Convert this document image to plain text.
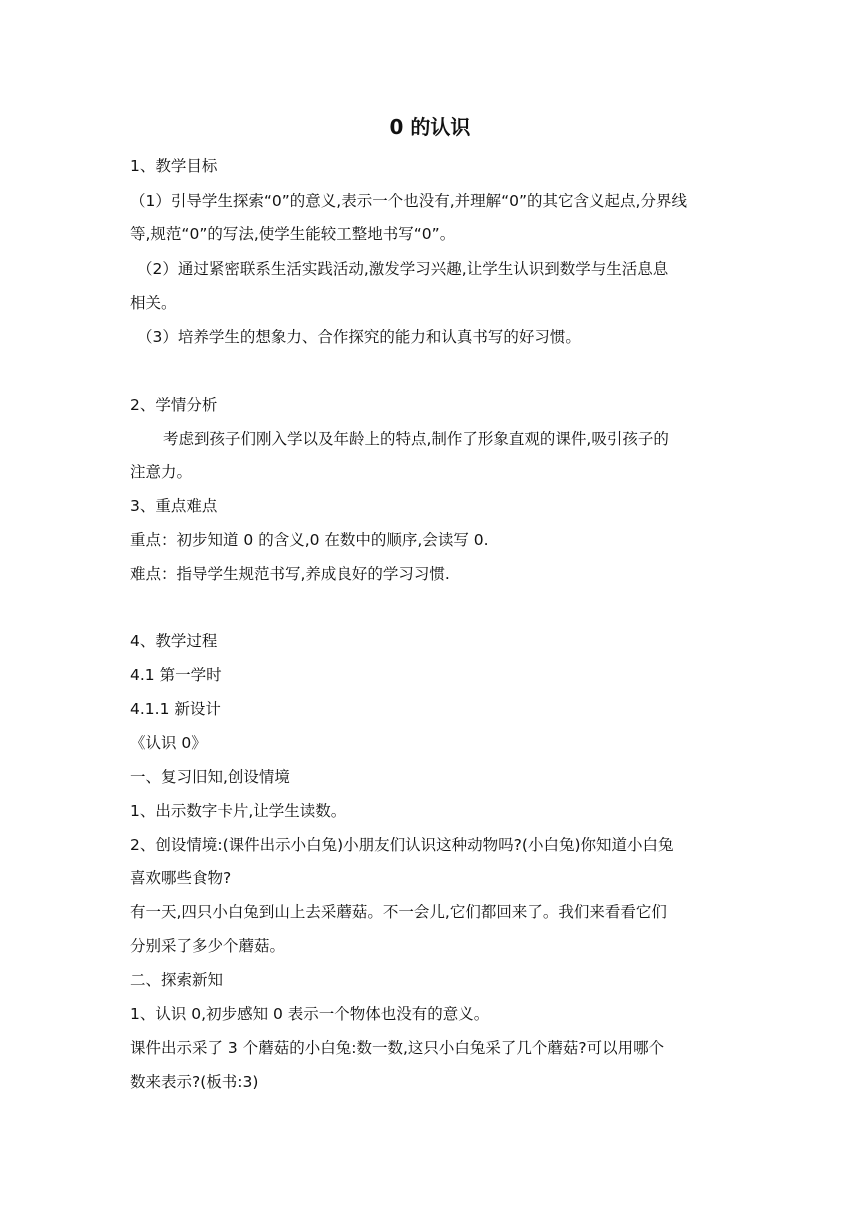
0 的认识
1、教学目标
（1）引导学生探索“0”的意义,表示一个也没有,并理解“0”的其它含义起点,分界线
等,规范“0”的写法,使学生能较工整地书写“0”。
（2）通过紧密联系生活实践活动,激发学习兴趣,让学生认识到数学与生活息息
相关。
（3）培养学生的想象力、合作探究的能力和认真书写的好习惯。
2、学情分析
考虑到孩子们刚入学以及年龄上的特点,制作了形象直观的课件,吸引孩子的
注意力。
3、重点难点
重点：初步知道 0 的含义,0 在数中的顺序,会读写 0.
难点：指导学生规范书写,养成良好的学习习惯.
4、教学过程
4.1 第一学时
4.1.1 新设计
《认识 0》
一、复习旧知,创设情境
1、出示数字卡片,让学生读数。
2、创设情境:(课件出示小白兔)小朋友们认识这种动物吗?(小白兔)你知道小白兔
喜欢哪些食物?
有一天,四只小白兔到山上去采蘑菇。不一会儿,它们都回来了。我们来看看它们
分别采了多少个蘑菇。
二、探索新知
1、认识 0,初步感知 0 表示一个物体也没有的意义。
课件出示采了 3 个蘑菇的小白兔:数一数,这只小白兔采了几个蘑菇?可以用哪个
数来表示?(板书:3)
